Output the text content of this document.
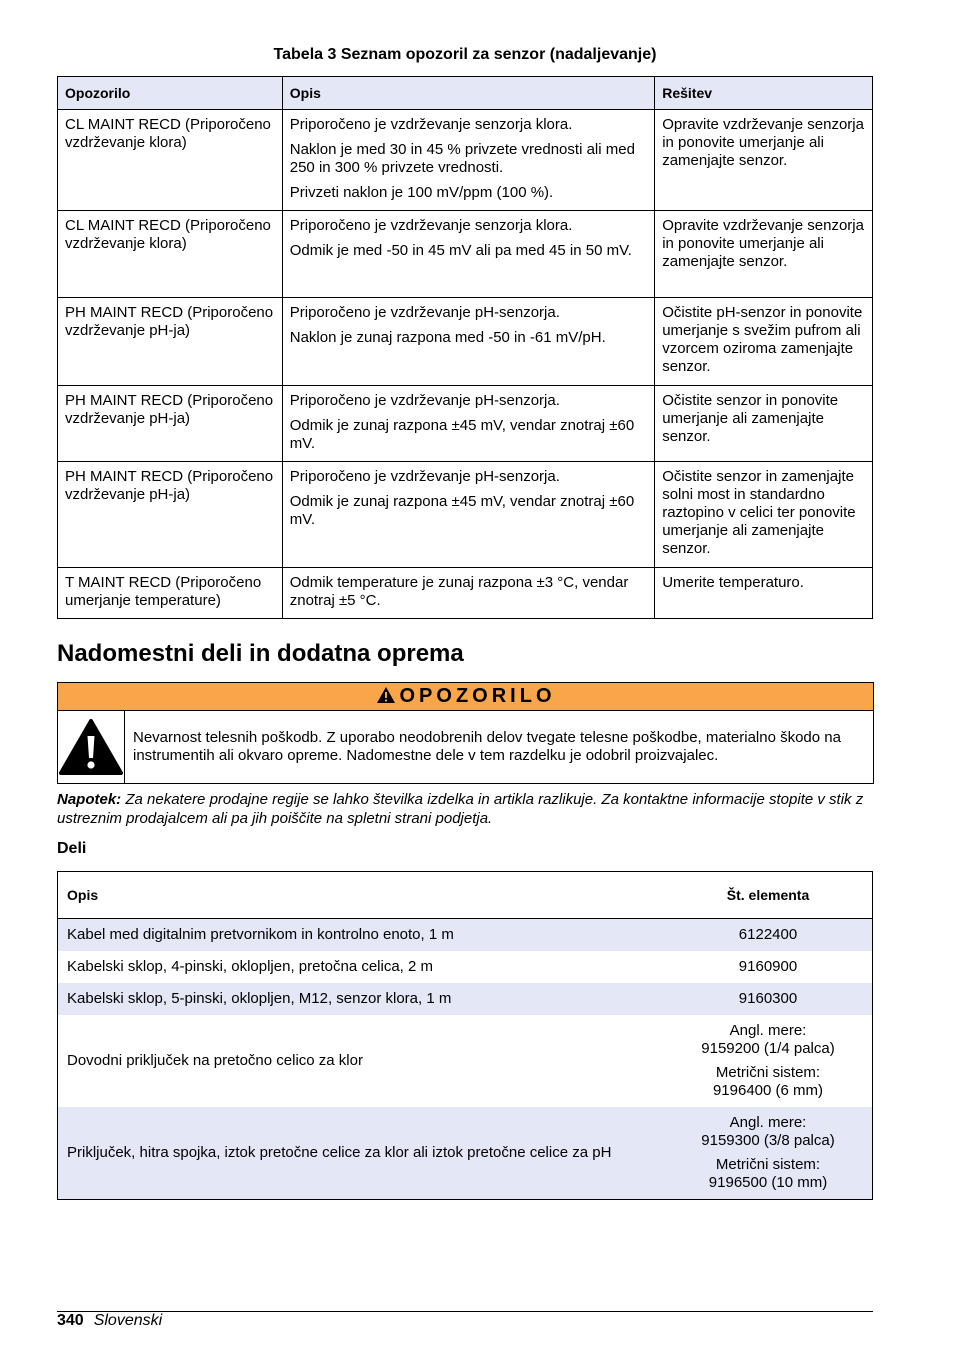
Tabela 3 Seznam opozoril za senzor (nadaljevanje)
Opozorilo	Opis	Rešitev
CL MAINT RECD (Priporočeno vzdrževanje klora)	Priporočeno je vzdrževanje senzorja klora.

Naklon je med 30 in 45 % privzete vrednosti ali med 250 in 300 % privzete vrednosti.

Privzeti naklon je 100 mV/ppm (100 %).	Opravite vzdrževanje senzorja in ponovite umerjanje ali zamenjajte senzor.
CL MAINT RECD (Priporočeno vzdrževanje klora)	Priporočeno je vzdrževanje senzorja klora.

Odmik je med -50 in 45 mV ali pa med 45 in 50 mV.	Opravite vzdrževanje senzorja in ponovite umerjanje ali zamenjajte senzor.
PH MAINT RECD (Priporočeno vzdrževanje pH-ja)	Priporočeno je vzdrževanje pH-senzorja.

Naklon je zunaj razpona med -50 in -61 mV/pH.	Očistite pH-senzor in ponovite umerjanje s svežim pufrom ali vzorcem oziroma zamenjajte senzor.
PH MAINT RECD (Priporočeno vzdrževanje pH-ja)	Priporočeno je vzdrževanje pH-senzorja.

Odmik je zunaj razpona ±45 mV, vendar znotraj ±60 mV.	Očistite senzor in ponovite umerjanje ali zamenjajte senzor.
PH MAINT RECD (Priporočeno vzdrževanje pH-ja)	Priporočeno je vzdrževanje pH-senzorja.

Odmik je zunaj razpona ±45 mV, vendar znotraj ±60 mV.	Očistite senzor in zamenjajte solni most in standardno raztopino v celici ter ponovite umerjanje ali zamenjajte senzor.
T MAINT RECD (Priporočeno umerjanje temperature)	Odmik temperature je zunaj razpona ±3 °C, vendar znotraj ±5 °C.	Umerite temperaturo.
Nadomestni deli in dodatna oprema
OPOZORILO
Nevarnost telesnih poškodb. Z uporabo neodobrenih delov tvegate telesne poškodbe, materialno škodo na instrumentih ali okvaro opreme. Nadomestne dele v tem razdelku je odobril proizvajalec.
Napotek: Za nekatere prodajne regije se lahko številka izdelka in artikla razlikuje. Za kontaktne informacije stopite v stik z ustreznim prodajalcem ali pa jih poiščite na spletni strani podjetja.
Deli
Opis	Št. elementa
Kabel med digitalnim pretvornikom in kontrolno enoto, 1 m	6122400
Kabelski sklop, 4-pinski, oklopljen, pretočna celica, 2 m	9160900
Kabelski sklop, 5-pinski, oklopljen, M12, senzor klora, 1 m	9160300
Dovodni priključek na pretočno celico za klor	Angl. mere:
9159200 (1/4 palca)

Metrični sistem:
9196400 (6 mm)

Priključek, hitra spojka, iztok pretočne celice za klor ali iztok pretočne celice za pH	Angl. mere:
9159300 (3/8 palca)

Metrični sistem:
9196500 (10 mm)

340 Slovenski
